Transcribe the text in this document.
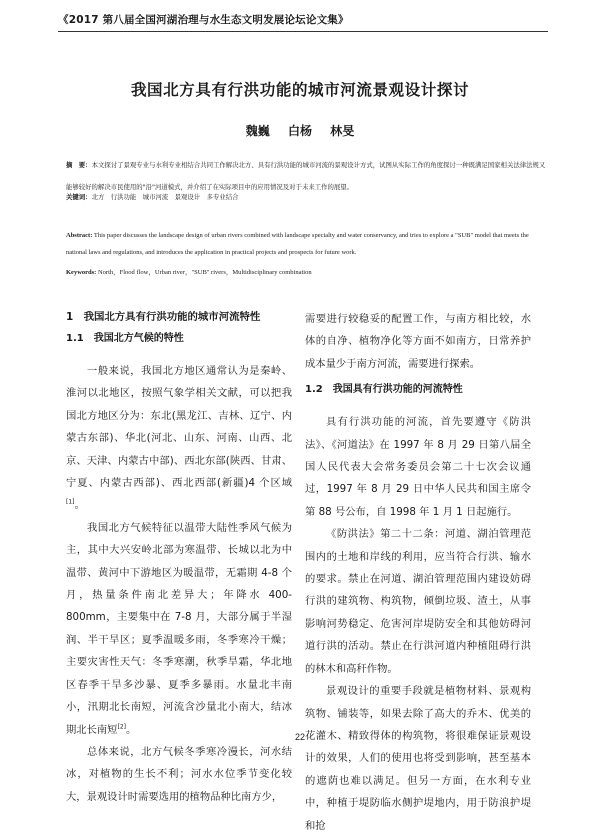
《2017 第八届全国河湖治理与水生态文明发展论坛论文集》
我国北方具有行洪功能的城市河流景观设计探讨
魏巍 白杨 林旻
摘　要：本文探讨了景观专业与水利专业相结合共同工作解决北方、具有行洪功能的城市河流的景观设计方式，试图从实际工作的角度探讨一种既满足国家相关法律法规又能够较好的解决市民使用的"沿"河道模式，并介绍了在实际项目中的应用情况及对于未来工作的展望。
关键词：北方　行洪功能　城市河流　景观设计　多专业结合
Abstract: This paper discusses the landscape design of urban rivers combined with landscape specialty and water conservancy, and tries to explore a "SUB" model that meets the national laws and regulations, and introduces the application in practical projects and prospects for future work.
Keywords: North，Flood flow，Urban river，"SUB" rivers，Multidisciplinary combination
1　我国北方具有行洪功能的城市河流特性
1.1　我国北方气候的特性

一般来说，我国北方地区通常认为是秦岭、淮河以北地区，按照气象学相关文献，可以把我国北方地区分为：东北(黑龙江、吉林、辽宁、内蒙古东部)、华北(河北、山东、河南、山西、北京、天津、内蒙古中部)、西北东部(陕西、甘肃、宁夏、内蒙古西部)、西北西部(新疆)4 个区域[1]。

我国北方气候特征以温带大陆性季风气候为主，其中大兴安岭北部为寒温带、长城以北为中温带、黄河中下游地区为暖温带，无霜期 4-8 个月，热量条件南北差异大；年降水 400-800mm，主要集中在 7-8 月，大部分属于半湿润、半干旱区；夏季温暖多雨，冬季寒冷干燥；主要灾害性天气：冬季寒潮，秋季旱霜，华北地区春季干旱多沙暴、夏季多暴雨。水量北丰南小，汛期北长南短，河流含沙量北小南大，结冰期北长南短[2]。

总体来说，北方气候冬季寒冷漫长，河水结冰，对植物的生长不利；河水水位季节变化较大，景观设计时需要选用的植物品种比南方少，

需要进行较稳妥的配置工作，与南方相比较，水体的自净、植物净化等方面不如南方，日常养护成本量少于南方河流，需要进行探索。

1.2　我国具有行洪功能的河流特性

具有行洪功能的河流，首先要遵守《防洪法》、《河道法》在 1997 年 8 月 29 日第八届全国人民代表大会常务委员会第二十七次会议通过，1997 年 8 月 29 日中华人民共和国主席令第 88 号公布，自 1998 年 1 月 1 日起施行。

《防洪法》第二十二条：河道、湖泊管理范围内的土地和岸线的利用，应当符合行洪、输水的要求。禁止在河道、湖泊管理范围内建设妨碍行洪的建筑物、构筑物，倾倒垃圾、渣土，从事影响河势稳定、危害河岸堤防安全和其他妨碍河道行洪的活动。禁止在行洪河道内种植阻碍行洪的林木和高秆作物。

景观设计的重要手段就是植物材料、景观构筑物、铺装等，如果去除了高大的乔木、优美的花灌木、精致得体的构筑物，将很难保证景观设计的效果，人们的使用也将受到影响，甚至基本的遮荫也难以满足。但另一方面，在水利专业中，种植于堤防临水侧护堤地内，用于防浪护堤和抢

22
